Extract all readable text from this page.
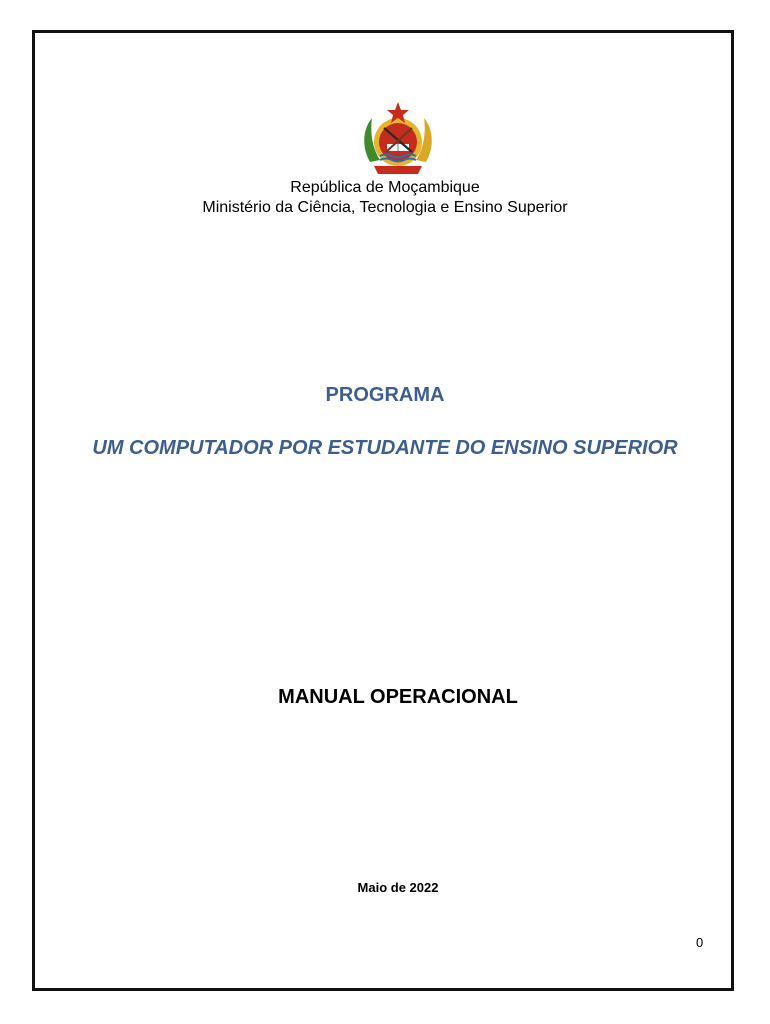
República de Moçambique

Ministério da Ciência, Tecnologia e Ensino Superior

PROGRAMA

UM COMPUTADOR POR ESTUDANTE DO ENSINO SUPERIOR

MANUAL OPERACIONAL

Maio de 2022

0
